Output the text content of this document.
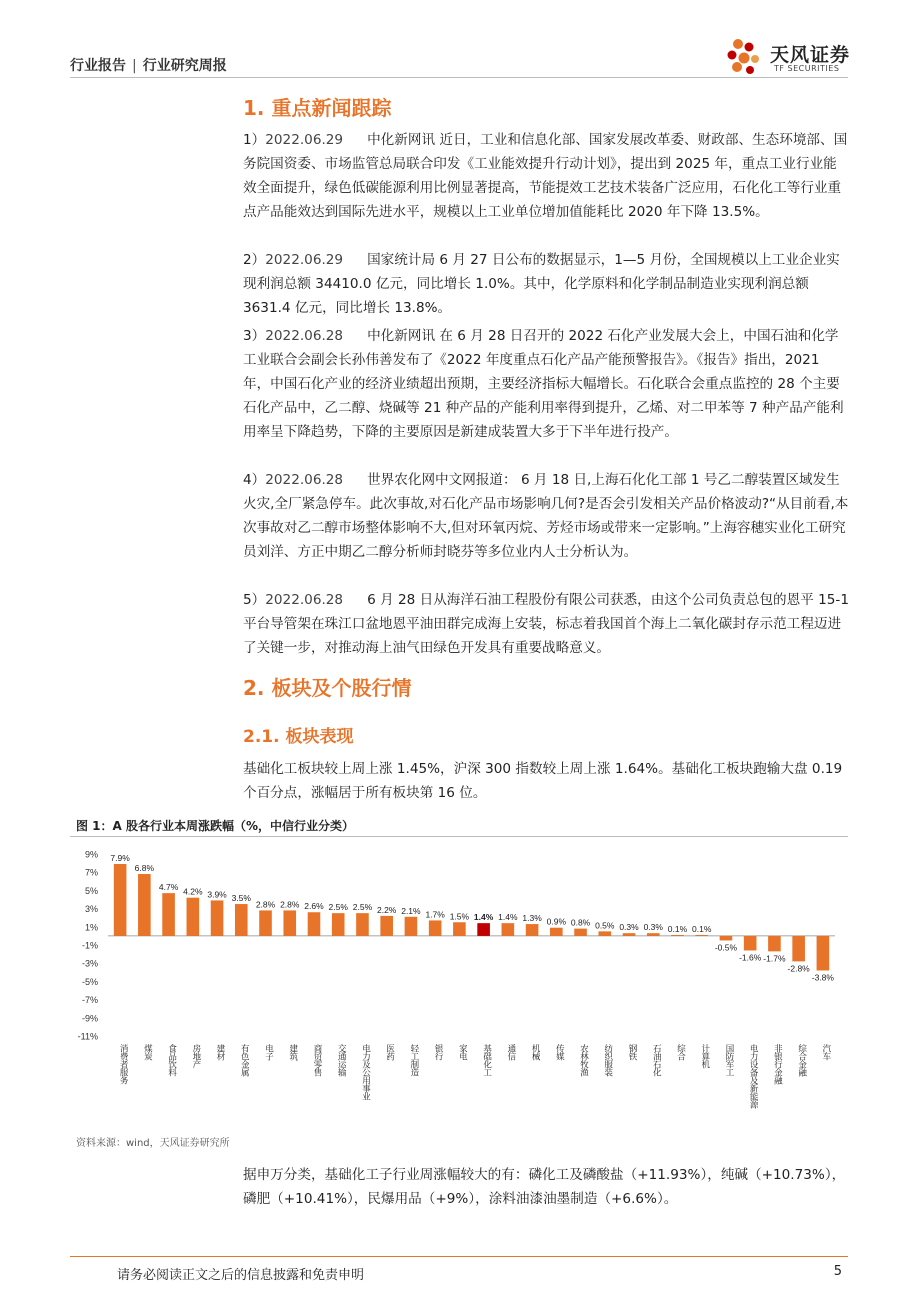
行业报告 | 行业研究周报	天风证券
TF SECURITIES
1. 重点新闻跟踪
1）2022.06.29 中化新网讯 近日，工业和信息化部、国家发展改革委、财政部、生态环境部、国务院国资委、市场监管总局联合印发《工业能效提升行动计划》，提出到 2025 年，重点工业行业能效全面提升，绿色低碳能源利用比例显著提高，节能提效工艺技术装备广泛应用，石化化工等行业重点产品能效达到国际先进水平，规模以上工业单位增加值能耗比 2020 年下降 13.5%。
2）2022.06.29 国家统计局 6 月 27 日公布的数据显示，1—5 月份，全国规模以上工业企业实现利润总额 34410.0 亿元，同比增长 1.0%。其中，化学原料和化学制品制造业实现利润总额 3631.4 亿元，同比增长 13.8%。
3）2022.06.28 中化新网讯 在 6 月 28 日召开的 2022 石化产业发展大会上，中国石油和化学工业联合会副会长孙伟善发布了《2022 年度重点石化产品产能预警报告》。《报告》指出，2021 年，中国石化产业的经济业绩超出预期，主要经济指标大幅增长。石化联合会重点监控的 28 个主要石化产品中，乙二醇、烧碱等 21 种产品的产能利用率得到提升，乙烯、对二甲苯等 7 种产品产能利用率呈下降趋势，下降的主要原因是新建成装置大多于下半年进行投产。
4）2022.06.28 世界农化网中文网报道： 6 月 18 日,上海石化化工部 1 号乙二醇装置区域发生火灾,全厂紧急停车。此次事故,对石化产品市场影响几何?是否会引发相关产品价格波动?“从目前看,本次事故对乙二醇市场整体影响不大,但对环氧丙烷、芳烃市场或带来一定影响。”上海容穗实业化工研究员刘洋、方正中期乙二醇分析师封晓芬等多位业内人士分析认为。
5）2022.06.28 6 月 28 日从海洋石油工程股份有限公司获悉，由这个公司负责总包的恩平 15-1 平台导管架在珠江口盆地恩平油田群完成海上安装，标志着我国首个海上二氧化碳封存示范工程迈进了关键一步，对推动海上油气田绿色开发具有重要战略意义。
2. 板块及个股行情
2.1. 板块表现
基础化工板块较上周上涨 1.45%，沪深 300 指数较上周上涨 1.64%。基础化工板块跑输大盘 0.19 个百分点，涨幅居于所有板块第 16 位。
图 1：A 股各行业本周涨跌幅（%，中信行业分类）
9%
7%
5%
3%
1%
-1%
-3%
-5%
-7%
-9%
-11%
7.9%
消费者服务
6.8%
煤炭
4.7%
食品饮料
4.2%
房地产
3.9%
建材
3.5%
有色金属
2.8%
电子
2.8%
建筑
2.6%
商贸零售
2.5%
交通运输
2.5%
电力及公用事业
2.2%
医药
2.1%
轻工制造
1.7%
银行
1.5%
家电
1.4%
基础化工
1.4%
通信
1.3%
机械
0.9%
传媒
0.8%
农林牧渔
0.5%
纺织服装
0.3%
钢铁
0.3%
石油石化
0.1%
综合
0.1%
计算机
-0.5%
国防军工
-1.6%
电力设备及新能源
-1.7%
非银行金融
-2.8%
综合金融
-3.8%
汽车
资料来源：wind，天风证券研究所
据申万分类，基础化工子行业周涨幅较大的有：磷化工及磷酸盐（+11.93%），纯碱（+10.73%），磷肥（+10.41%），民爆用品（+9%），涂料油漆油墨制造（+6.6%）。
请务必阅读正文之后的信息披露和免责申明	5
